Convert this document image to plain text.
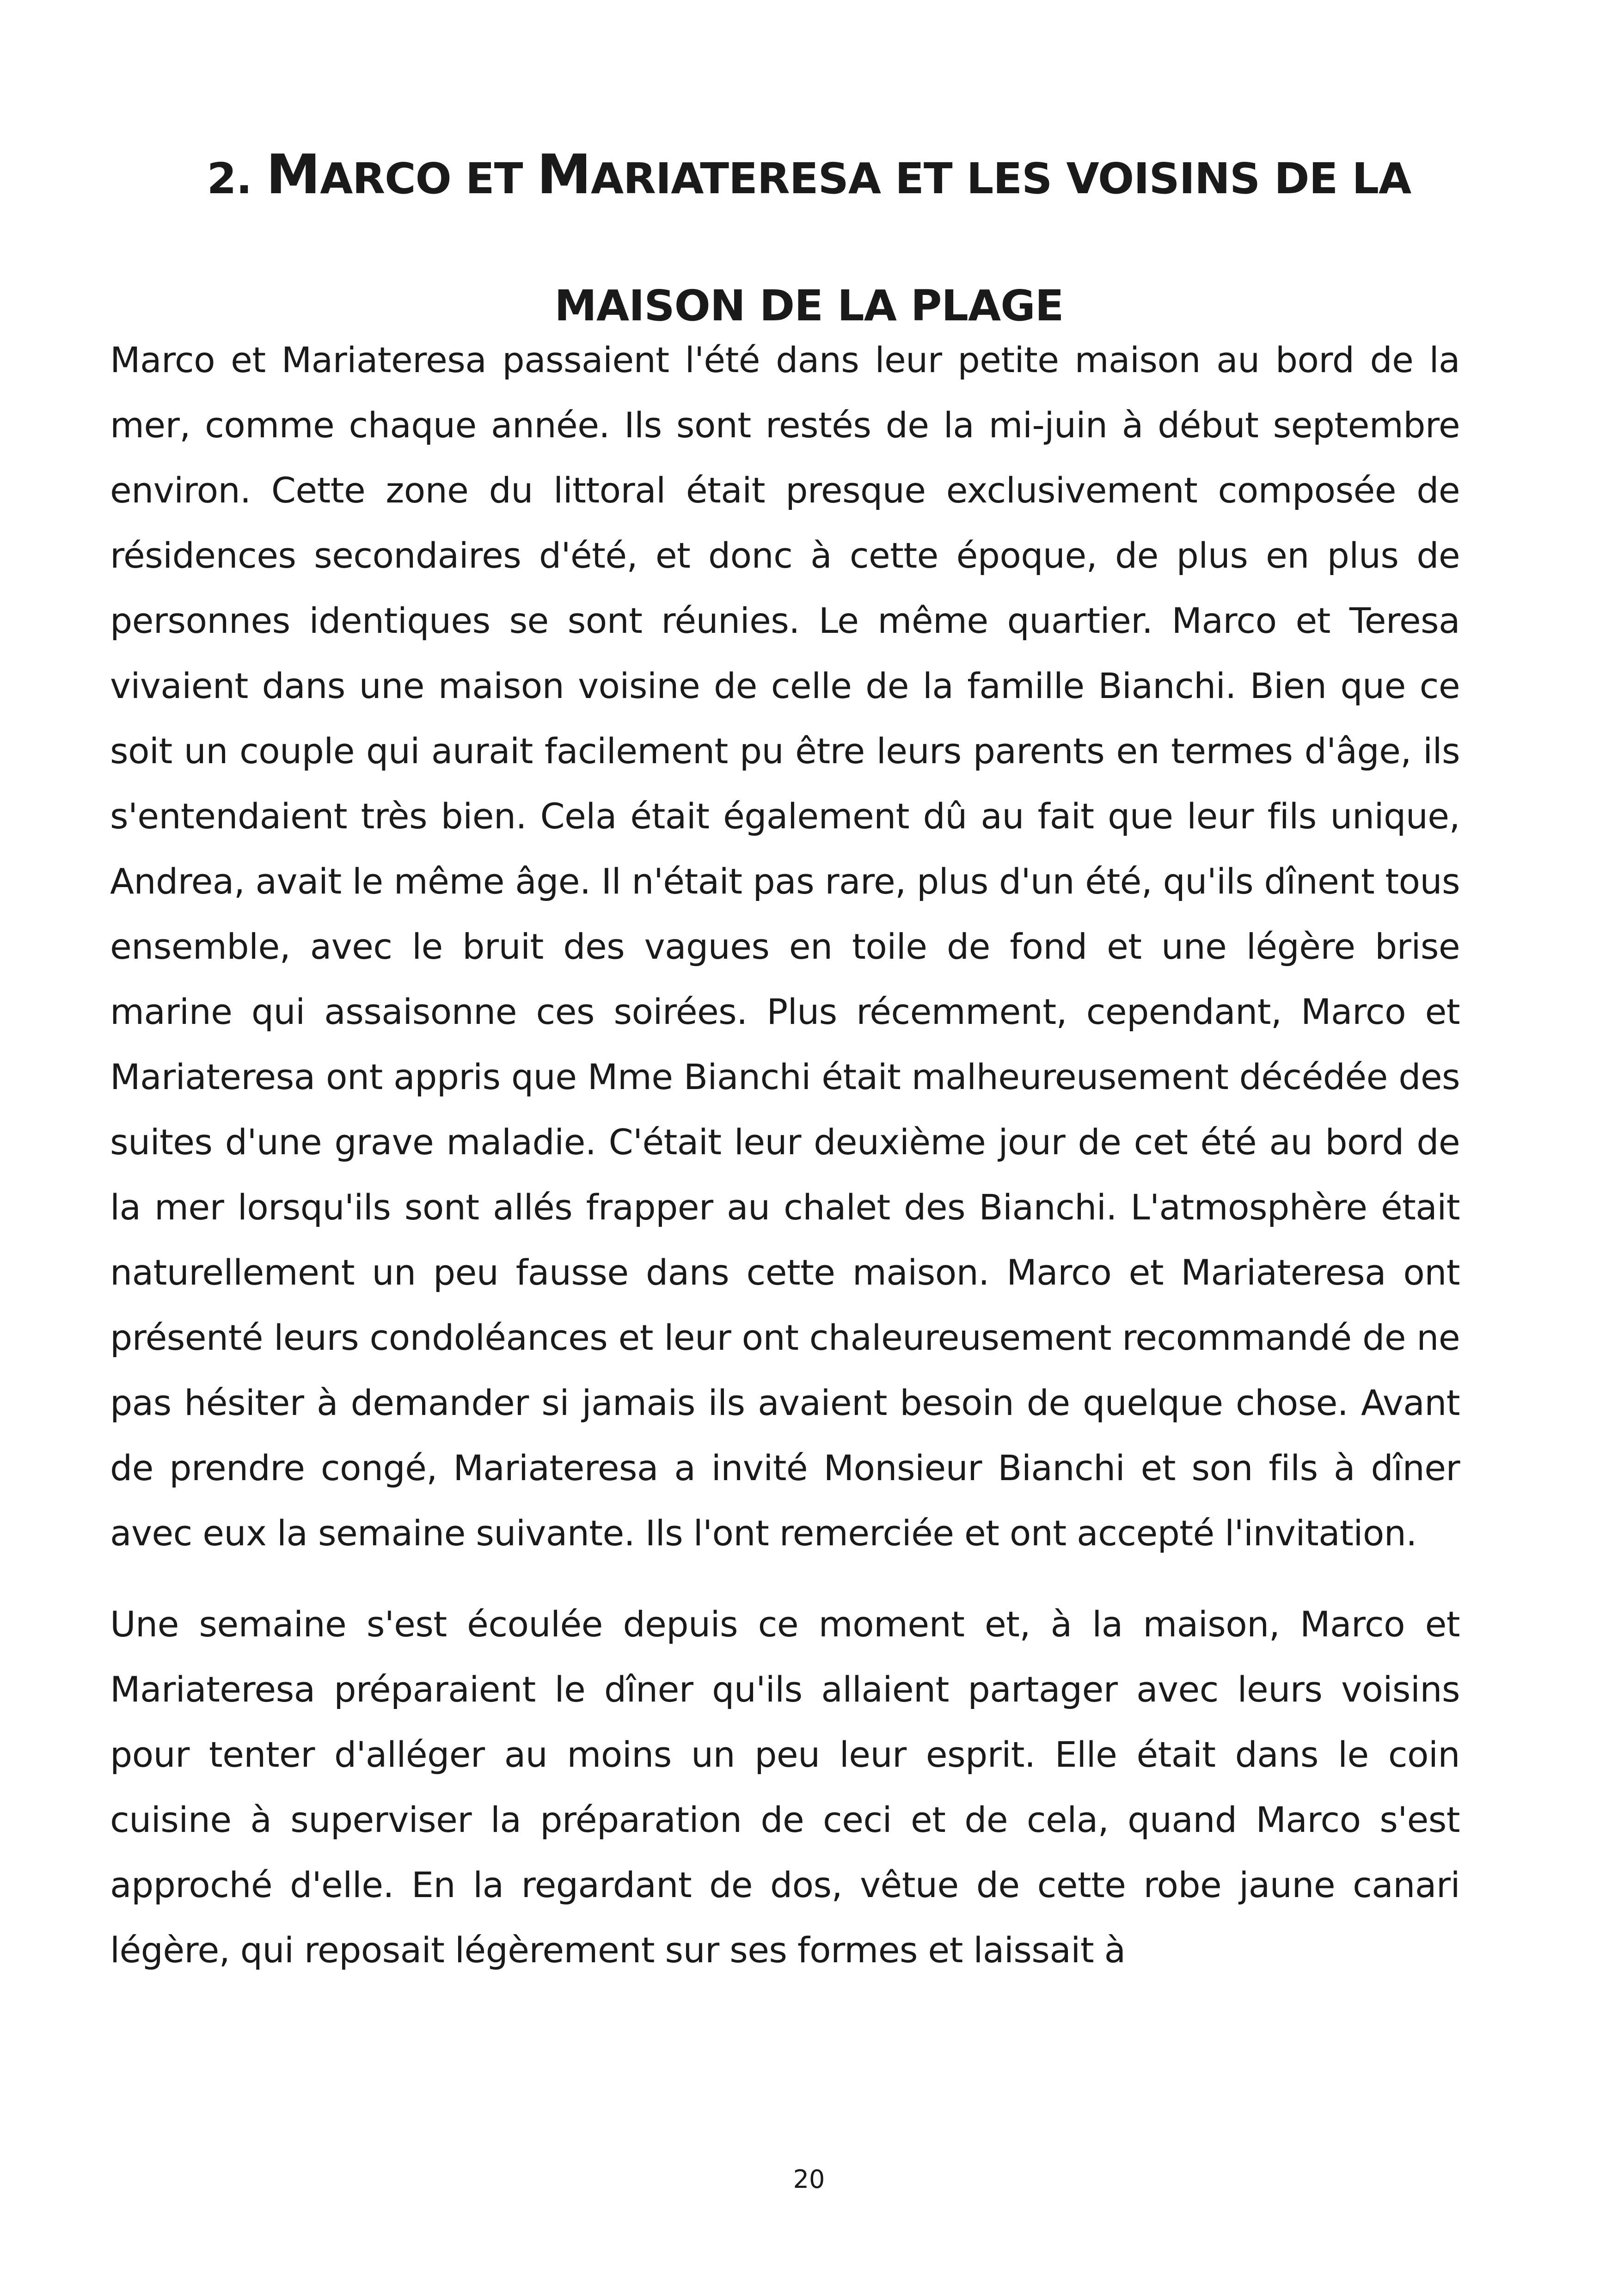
2. MARCO ET MARIATERESA ET LES VOISINS DE LA
MAISON DE LA PLAGE

Marco et Mariateresa passaient l'été dans leur petite maison au bord de la mer, comme chaque année. Ils sont restés de la mi-juin à début septembre environ. Cette zone du littoral était presque exclusivement composée de résidences secondaires d'été, et donc à cette époque, de plus en plus de personnes identiques se sont réunies. Le même quartier. Marco et Teresa vivaient dans une maison voisine de celle de la famille Bianchi. Bien que ce soit un couple qui aurait facilement pu être leurs parents en termes d'âge, ils s'entendaient très bien. Cela était également dû au fait que leur fils unique, Andrea, avait le même âge. Il n'était pas rare, plus d'un été, qu'ils dînent tous ensemble, avec le bruit des vagues en toile de fond et une légère brise marine qui assaisonne ces soirées. Plus récemment, cependant, Marco et Mariateresa ont appris que Mme Bianchi était malheureusement décédée des suites d'une grave maladie. C'était leur deuxième jour de cet été au bord de la mer lorsqu'ils sont allés frapper au chalet des Bianchi. L'atmosphère était naturellement un peu fausse dans cette maison. Marco et Mariateresa ont présenté leurs condoléances et leur ont chaleureusement recommandé de ne pas hésiter à demander si jamais ils avaient besoin de quelque chose. Avant de prendre congé, Mariateresa a invité Monsieur Bianchi et son fils à dîner avec eux la semaine suivante. Ils l'ont remerciée et ont accepté l'invitation.

Une semaine s'est écoulée depuis ce moment et, à la maison, Marco et Mariateresa préparaient le dîner qu'ils allaient partager avec leurs voisins pour tenter d'alléger au moins un peu leur esprit. Elle était dans le coin cuisine à superviser la préparation de ceci et de cela, quand Marco s'est approché d'elle. En la regardant de dos, vêtue de cette robe jaune canari légère, qui reposait légèrement sur ses formes et laissait à

20
